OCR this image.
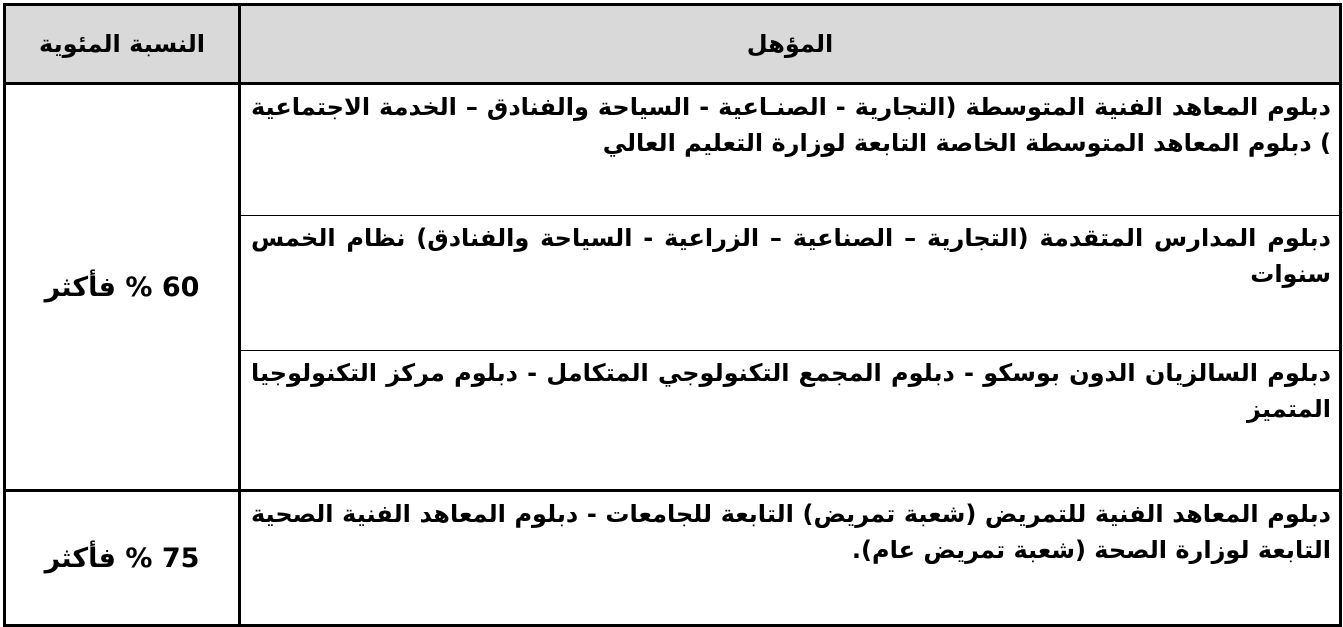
المؤهل	النسبة المئوية
دبلوم المعاهد الفنية المتوسطة (التجارية - الصنـاعية - السياحة والفنادق – الخدمة الاجتماعية ) دبلوم المعاهد المتوسطة الخاصة التابعة لوزارة التعليم العالي	60 % فأكثر
دبلوم المدارس المتقدمة (التجارية – الصناعية – الزراعية - السياحة والفنادق) نظام الخمس سنوات	
دبلوم السالزيان الدون بوسكو - دبلوم المجمع التكنولوجي المتكامل - دبلوم مركز التكنولوجيا المتميز	
دبلوم المعاهد الفنية للتمريض (شعبة تمريض) التابعة للجامعات - دبلوم المعاهد الفنية الصحية التابعة لوزارة الصحة (شعبة تمريض عام).	75 % فأكثر
